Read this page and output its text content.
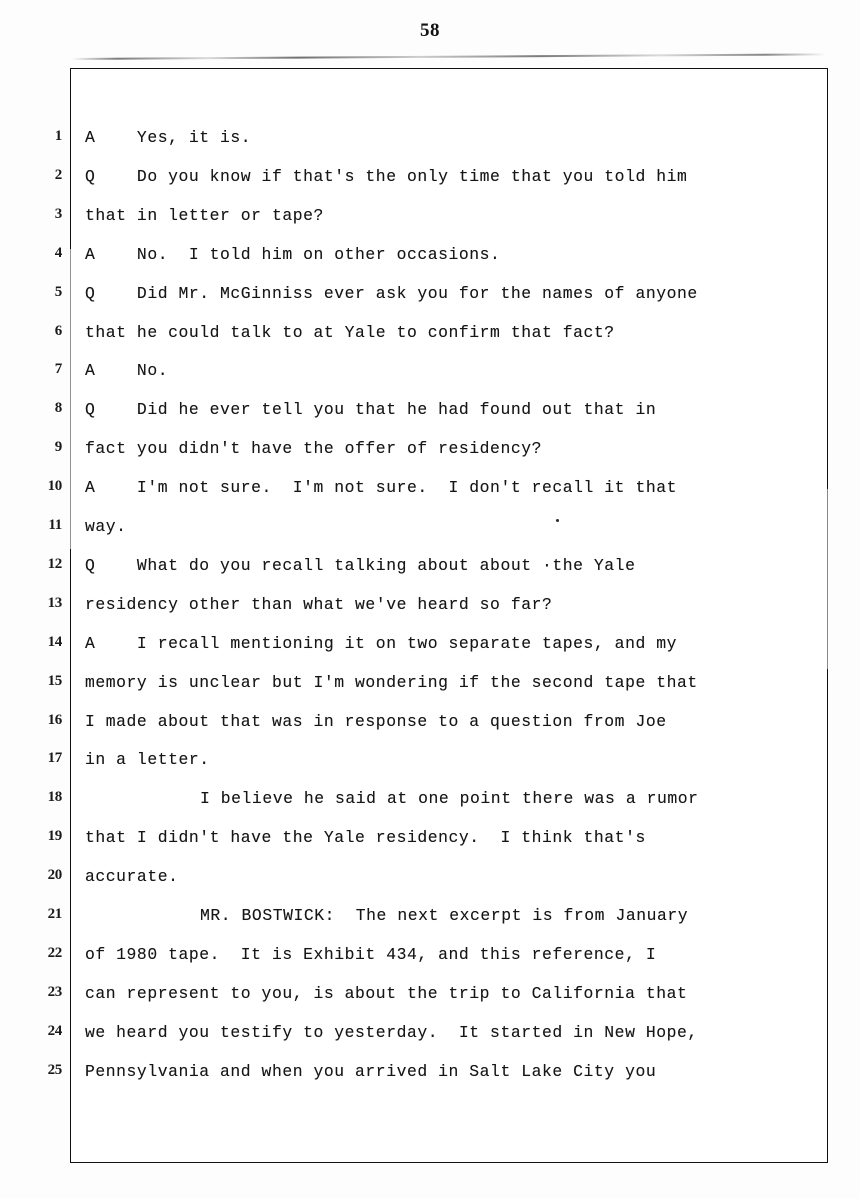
58
1 A    Yes, it is.
2 Q    Do you know if that's the only time that you told him
3 that in letter or tape?
4 A    No.  I told him on other occasions.
5 Q    Did Mr. McGinniss ever ask you for the names of anyone
6 that he could talk to at Yale to confirm that fact?
7 A    No.
8 Q    Did he ever tell you that he had found out that in
9 fact you didn't have the offer of residency?
10 A    I'm not sure.  I'm not sure.  I don't recall it that
11 way.
12 Q    What do you recall talking about about ·the Yale
13 residency other than what we've heard so far?
14 A    I recall mentioning it on two separate tapes, and my
15 memory is unclear but I'm wondering if the second tape that
16 I made about that was in response to a question from Joe
17 in a letter.
18	I believe he said at one point there was a rumor
19 that I didn't have the Yale residency.  I think that's
20 accurate.
21	MR. BOSTWICK:  The next excerpt is from January
22 of 1980 tape.  It is Exhibit 434, and this reference, I
23 can represent to you, is about the trip to California that
24 we heard you testify to yesterday.  It started in New Hope,
25 Pennsylvania and when you arrived in Salt Lake City you
